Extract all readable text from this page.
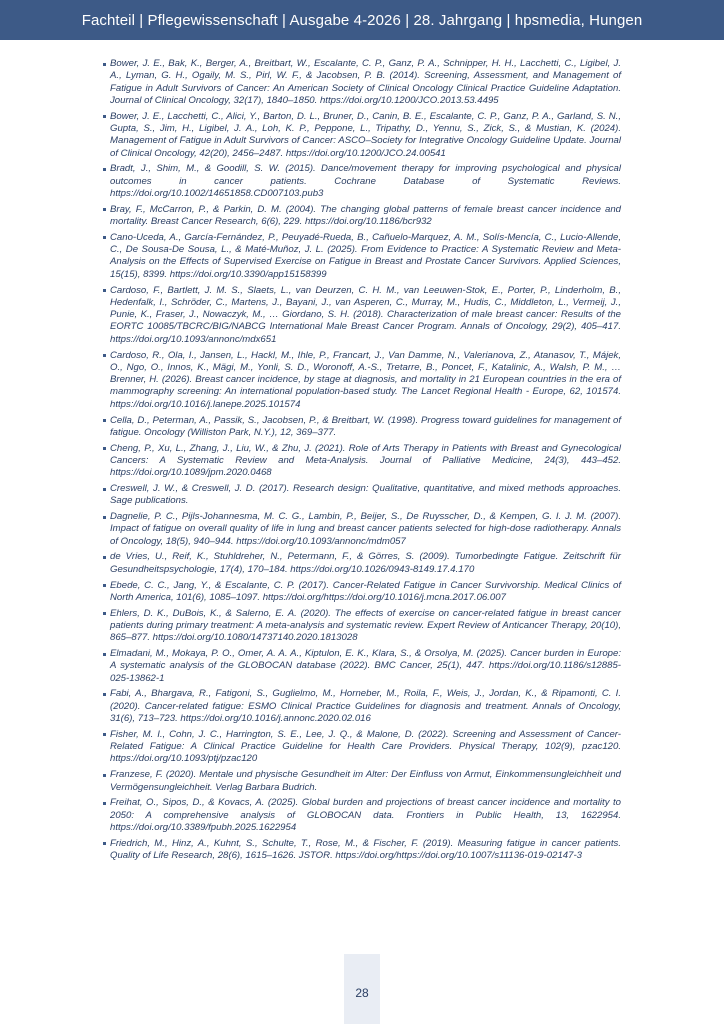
Fachteil | Pflegewissenschaft | Ausgabe 4-2026 | 28. Jahrgang | hpsmedia, Hungen
Bower, J. E., Bak, K., Berger, A., Breitbart, W., Escalante, C. P., Ganz, P. A., Schnipper, H. H., Lacchetti, C., Ligibel, J. A., Lyman, G. H., Ogaily, M. S., Pirl, W. F., & Jacobsen, P. B. (2014). Screening, Assessment, and Management of Fatigue in Adult Survivors of Cancer: An American Society of Clinical Oncology Clinical Practice Guideline Adaptation. Journal of Clinical Oncology, 32(17), 1840–1850. https://doi.org/10.1200/JCO.2013.53.4495
Bower, J. E., Lacchetti, C., Alici, Y., Barton, D. L., Bruner, D., Canin, B. E., Escalante, C. P., Ganz, P. A., Garland, S. N., Gupta, S., Jim, H., Ligibel, J. A., Loh, K. P., Peppone, L., Tripathy, D., Yennu, S., Zick, S., & Mustian, K. (2024). Management of Fatigue in Adult Survivors of Cancer: ASCO–Society for Integrative Oncology Guideline Update. Journal of Clinical Oncology, 42(20), 2456–2487. https://doi.org/10.1200/JCO.24.00541
Bradt, J., Shim, M., & Goodill, S. W. (2015). Dance/movement therapy for improving psychological and physical outcomes in cancer patients. Cochrane Database of Systematic Reviews. https://doi.org/10.1002/14651858.CD007103.pub3
Bray, F., McCarron, P., & Parkin, D. M. (2004). The changing global patterns of female breast cancer incidence and mortality. Breast Cancer Research, 6(6), 229. https://doi.org/10.1186/bcr932
Cano-Uceda, A., García-Fernández, P., Peuyadé-Rueda, B., Cañuelo-Marquez, A. M., Solís-Mencía, C., Lucio-Allende, C., De Sousa-De Sousa, L., & Maté-Muñoz, J. L. (2025). From Evidence to Practice: A Systematic Review and Meta-Analysis on the Effects of Supervised Exercise on Fatigue in Breast and Prostate Cancer Survivors. Applied Sciences, 15(15), 8399. https://doi.org/10.3390/app15158399
Cardoso, F., Bartlett, J. M. S., Slaets, L., van Deurzen, C. H. M., van Leeuwen-Stok, E., Porter, P., Linderholm, B., Hedenfalk, I., Schröder, C., Martens, J., Bayani, J., van Asperen, C., Murray, M., Hudis, C., Middleton, L., Vermeij, J., Punie, K., Fraser, J., Nowaczyk, M., … Giordano, S. H. (2018). Characterization of male breast cancer: Results of the EORTC 10085/TBCRC/BIG/NABCG International Male Breast Cancer Program. Annals of Oncology, 29(2), 405–417. https://doi.org/10.1093/annonc/mdx651
Cardoso, R., Ola, I., Jansen, L., Hackl, M., Ihle, P., Francart, J., Van Damme, N., Valerianova, Z., Atanasov, T., Májek, O., Ngo, O., Innos, K., Mägi, M., Yonli, S. D., Woronoff, A.-S., Tretarre, B., Poncet, F., Katalinic, A., Walsh, P. M., … Brenner, H. (2026). Breast cancer incidence, by stage at diagnosis, and mortality in 21 European countries in the era of mammography screening: An international population-based study. The Lancet Regional Health - Europe, 62, 101574. https://doi.org/10.1016/j.lanepe.2025.101574
Cella, D., Peterman, A., Passik, S., Jacobsen, P., & Breitbart, W. (1998). Progress toward guidelines for management of fatigue. Oncology (Williston Park, N.Y.), 12, 369–377.
Cheng, P., Xu, L., Zhang, J., Liu, W., & Zhu, J. (2021). Role of Arts Therapy in Patients with Breast and Gynecological Cancers: A Systematic Review and Meta-Analysis. Journal of Palliative Medicine, 24(3), 443–452. https://doi.org/10.1089/jpm.2020.0468
Creswell, J. W., & Creswell, J. D. (2017). Research design: Qualitative, quantitative, and mixed methods approaches. Sage publications.
Dagnelie, P. C., Pijls-Johannesma, M. C. G., Lambin, P., Beijer, S., De Ruysscher, D., & Kempen, G. I. J. M. (2007). Impact of fatigue on overall quality of life in lung and breast cancer patients selected for high-dose radiotherapy. Annals of Oncology, 18(5), 940–944. https://doi.org/10.1093/annonc/mdm057
de Vries, U., Reif, K., Stuhldreher, N., Petermann, F., & Görres, S. (2009). Tumorbedingte Fatigue. Zeitschrift für Gesundheitspsychologie, 17(4), 170–184. https://doi.org/10.1026/0943-8149.17.4.170
Ebede, C. C., Jang, Y., & Escalante, C. P. (2017). Cancer-Related Fatigue in Cancer Survivorship. Medical Clinics of North America, 101(6), 1085–1097. https://doi.org/https://doi.org/10.1016/j.mcna.2017.06.007
Ehlers, D. K., DuBois, K., & Salerno, E. A. (2020). The effects of exercise on cancer-related fatigue in breast cancer patients during primary treatment: A meta-analysis and systematic review. Expert Review of Anticancer Therapy, 20(10), 865–877. https://doi.org/10.1080/14737140.2020.1813028
Elmadani, M., Mokaya, P. O., Omer, A. A. A., Kiptulon, E. K., Klara, S., & Orsolya, M. (2025). Cancer burden in Europe: A systematic analysis of the GLOBOCAN database (2022). BMC Cancer, 25(1), 447. https://doi.org/10.1186/s12885-025-13862-1
Fabi, A., Bhargava, R., Fatigoni, S., Guglielmo, M., Horneber, M., Roila, F., Weis, J., Jordan, K., & Ripamonti, C. I. (2020). Cancer-related fatigue: ESMO Clinical Practice Guidelines for diagnosis and treatment. Annals of Oncology, 31(6), 713–723. https://doi.org/10.1016/j.annonc.2020.02.016
Fisher, M. I., Cohn, J. C., Harrington, S. E., Lee, J. Q., & Malone, D. (2022). Screening and Assessment of Cancer-Related Fatigue: A Clinical Practice Guideline for Health Care Providers. Physical Therapy, 102(9), pzac120. https://doi.org/10.1093/ptj/pzac120
Franzese, F. (2020). Mentale und physische Gesundheit im Alter: Der Einfluss von Armut, Einkommensungleichheit und Vermögensungleichheit. Verlag Barbara Budrich.
Freihat, O., Sipos, D., & Kovacs, A. (2025). Global burden and projections of breast cancer incidence and mortality to 2050: A comprehensive analysis of GLOBOCAN data. Frontiers in Public Health, 13, 1622954. https://doi.org/10.3389/fpubh.2025.1622954
Friedrich, M., Hinz, A., Kuhnt, S., Schulte, T., Rose, M., & Fischer, F. (2019). Measuring fatigue in cancer patients. Quality of Life Research, 28(6), 1615–1626. JSTOR. https://doi.org/https://doi.org/10.1007/s11136-019-02147-3
28
